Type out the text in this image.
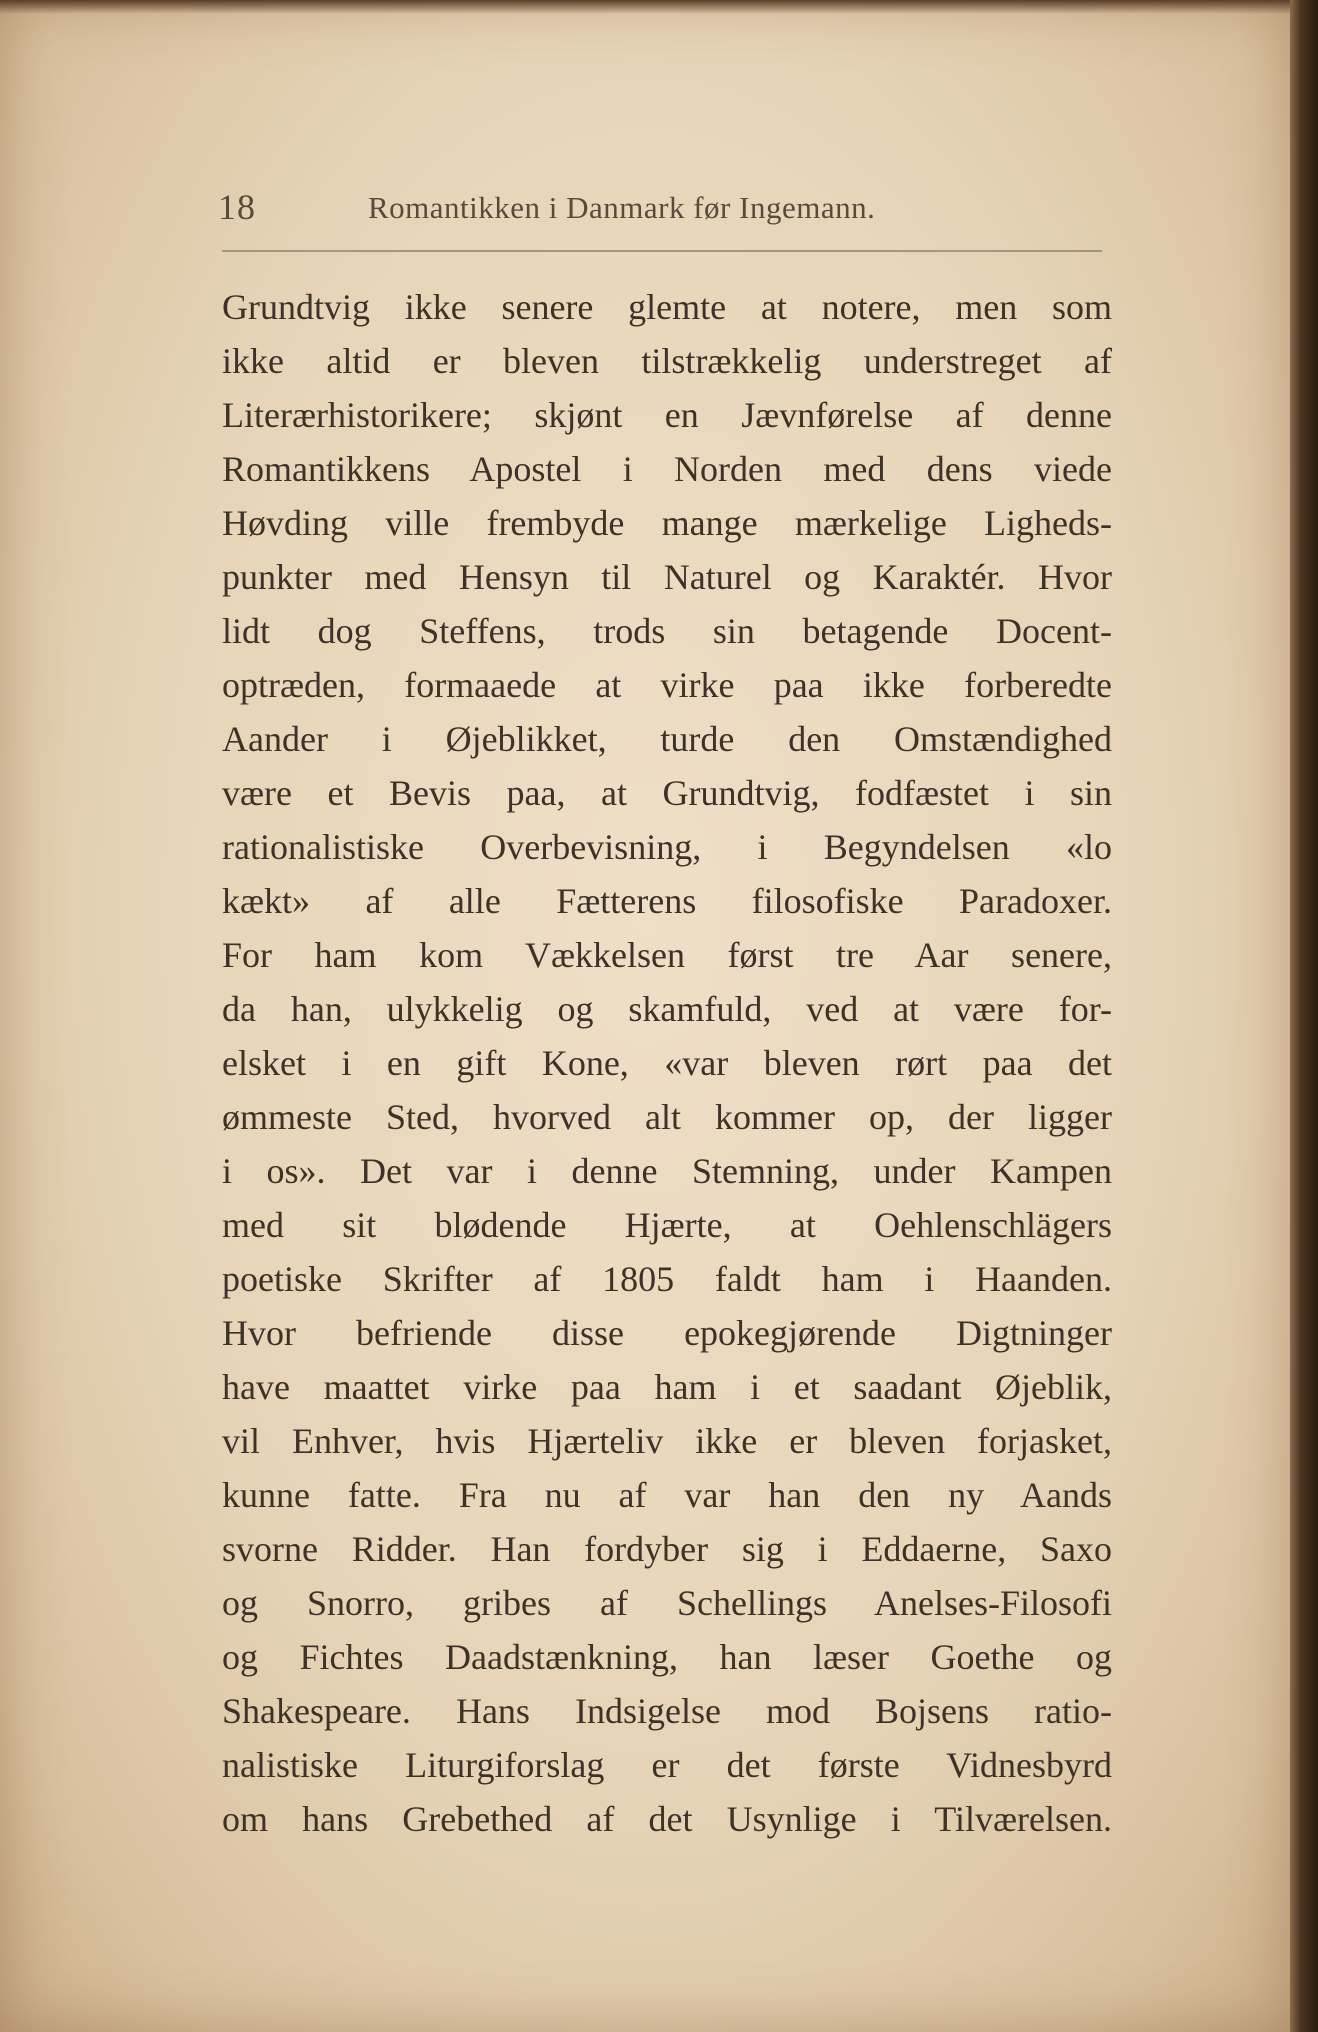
18	Romantikken i Danmark før Ingemann.
Grundtvig ikke senere glemte at notere, men som
ikke altid er bleven tilstrækkelig understreget af
Literærhistorikere; skjønt en Jævnførelse af denne
Romantikkens Apostel i Norden med dens viede
Høvding ville frembyde mange mærkelige Ligheds-
punkter med Hensyn til Naturel og Karaktér. Hvor
lidt dog Steffens, trods sin betagende Docent-
optræden, formaaede at virke paa ikke forberedte
Aander i Øjeblikket, turde den Omstændighed
være et Bevis paa, at Grundtvig, fodfæstet i sin
rationalistiske Overbevisning, i Begyndelsen «lo
kækt» af alle Fætterens filosofiske Paradoxer.
For ham kom Vækkelsen først tre Aar senere,
da han, ulykkelig og skamfuld, ved at være for-
elsket i en gift Kone, «var bleven rørt paa det
ømmeste Sted, hvorved alt kommer op, der ligger
i os». Det var i denne Stemning, under Kampen
med sit blødende Hjærte, at Oehlenschlägers
poetiske Skrifter af 1805 faldt ham i Haanden.
Hvor befriende disse epokegjørende Digtninger
have maattet virke paa ham i et saadant Øjeblik,
vil Enhver, hvis Hjærteliv ikke er bleven forjasket,
kunne fatte. Fra nu af var han den ny Aands
svorne Ridder. Han fordyber sig i Eddaerne, Saxo
og Snorro, gribes af Schellings Anelses-Filosofi
og Fichtes Daadstænkning, han læser Goethe og
Shakespeare. Hans Indsigelse mod Bojsens ratio-
nalistiske Liturgiforslag er det første Vidnesbyrd
om hans Grebethed af det Usynlige i Tilværelsen.
